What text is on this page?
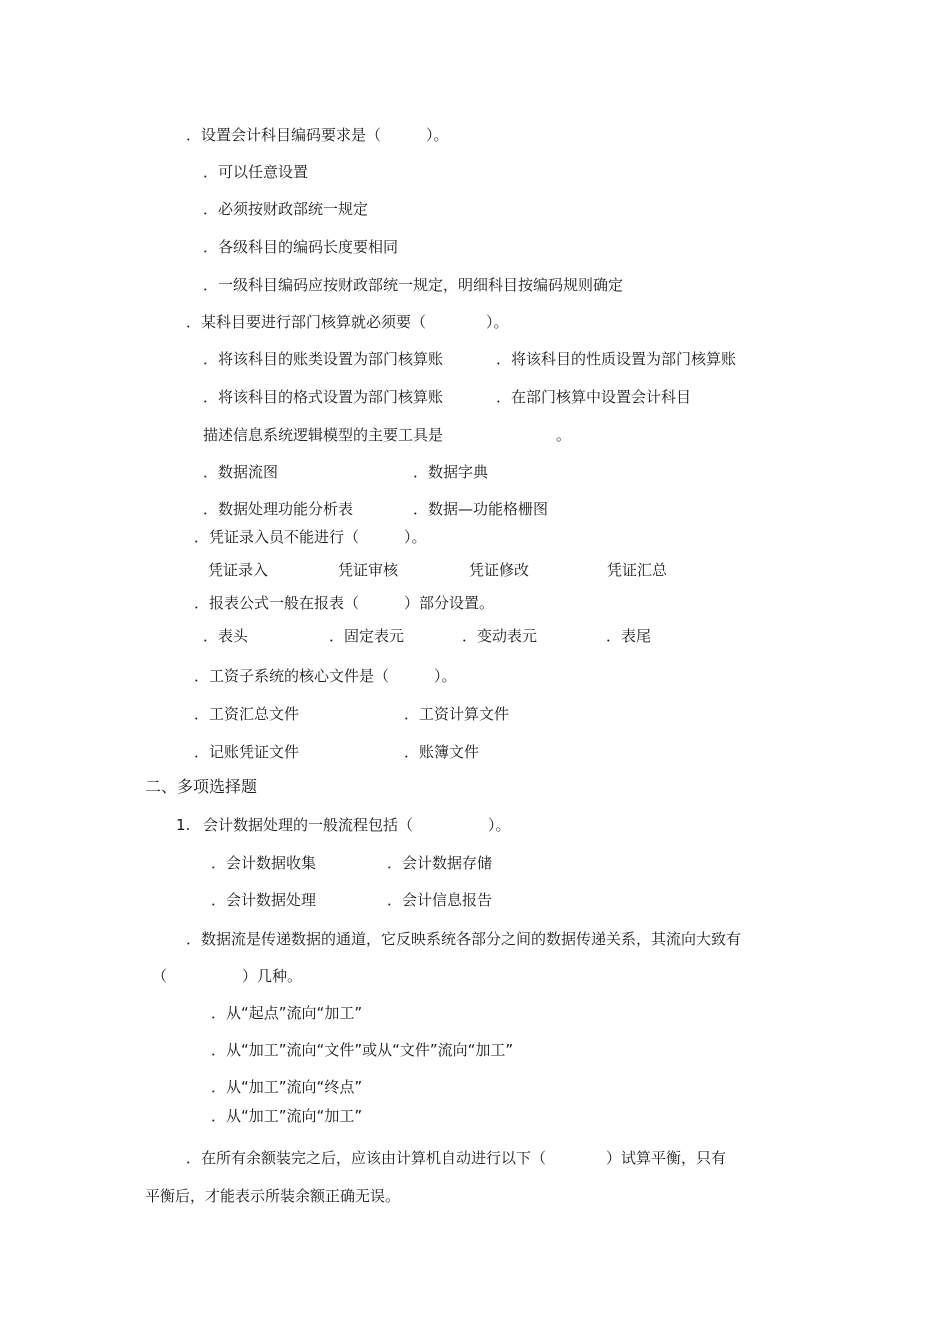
．设置会计科目编码要求是（　　　）。

．可以任意设置

．必须按财政部统一规定

．各级科目的编码长度要相同

．一级科目编码应按财政部统一规定，明细科目按编码规则确定

．某科目要进行部门核算就必须要（　　　　）。

．将该科目的账类设置为部门核算账	．将该科目的性质设置为部门核算账

．将该科目的格式设置为部门核算账	．在部门核算中设置会计科目

描述信息系统逻辑模型的主要工具是	。

．数据流图	．数据字典

．数据处理功能分析表	．数据—功能格栅图

．凭证录入员不能进行（　　　）。

凭证录入	凭证审核	凭证修改	凭证汇总

．报表公式一般在报表（　　　）部分设置。

．表头	．固定表元	．变动表元	．表尾

．工资子系统的核心文件是（　　　）。

．工资汇总文件	．工资计算文件

．记账凭证文件	．账簿文件

二、多项选择题

1. 会计数据处理的一般流程包括（　　　　　）。

．会计数据收集	．会计数据存储

．会计数据处理	．会计信息报告

．数据流是传递数据的通道，它反映系统各部分之间的数据传递关系，其流向大致有

（　　　　　）几种。

．从“起点”流向“加工”

．从“加工”流向“文件”或从“文件”流向“加工”

．从“加工”流向“终点”

．从“加工”流向“加工”

．在所有余额装完之后，应该由计算机自动进行以下（　　　　）试算平衡，只有

平衡后，才能表示所装余额正确无误。
